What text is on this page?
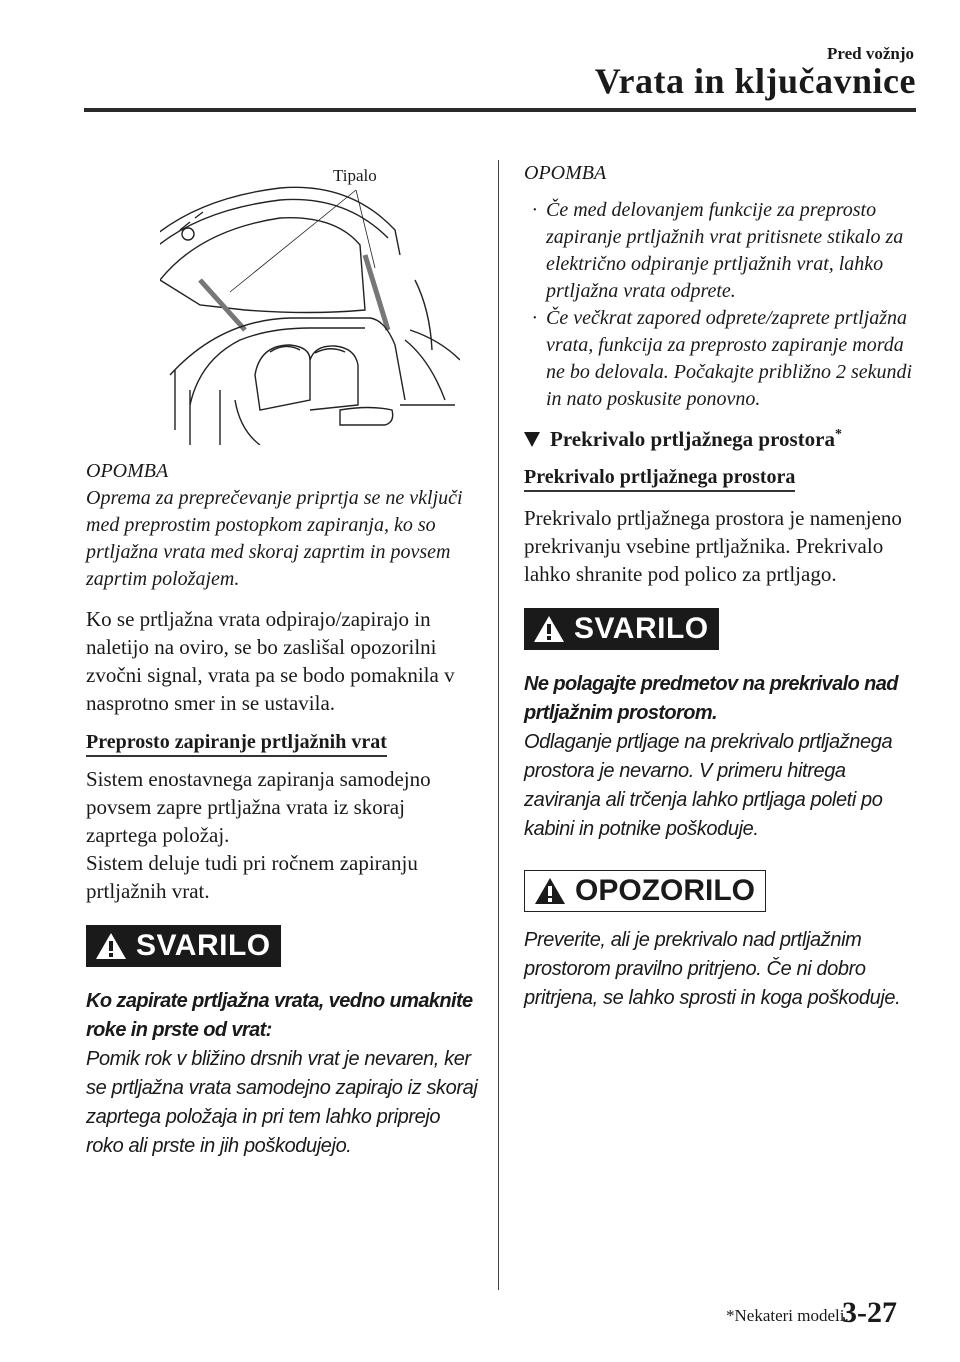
Pred vožnjo
Vrata in ključavnice
Tipalo
OPOMBA
Oprema za preprečevanje priprtja se ne vključi med preprostim postopkom zapiranja, ko so prtljažna vrata med skoraj zaprtim in povsem zaprtim položajem.
Ko se prtljažna vrata odpirajo/zapirajo in naletijo na oviro, se bo zaslišal opozorilni zvočni signal, vrata pa se bodo pomaknila v nasprotno smer in se ustavila.
Preprosto zapiranje prtljažnih vrat
Sistem enostavnega zapiranja samodejno povsem zapre prtljažna vrata iz skoraj zaprtega položaj.
Sistem deluje tudi pri ročnem zapiranju prtljažnih vrat.
SVARILO
Ko zapirate prtljažna vrata, vedno umaknite roke in prste od vrat:
Pomik rok v bližino drsnih vrat je nevaren, ker se prtljažna vrata samodejno zapirajo iz skoraj zaprtega položaja in pri tem lahko priprejo roko ali prste in jih poškodujejo.
OPOMBA
· Če med delovanjem funkcije za preprosto zapiranje prtljažnih vrat pritisnete stikalo za električno odpiranje prtljažnih vrat, lahko prtljažna vrata odprete.
· Če večkrat zapored odprete/zaprete prtljažna vrata, funkcija za preprosto zapiranje morda ne bo delovala. Počakajte približno 2 sekundi in nato poskusite ponovno.
Prekrivalo prtljažnega prostora*
Prekrivalo prtljažnega prostora
Prekrivalo prtljažnega prostora je namenjeno prekrivanju vsebine prtljažnika. Prekrivalo lahko shranite pod polico za prtljago.
SVARILO
Ne polagajte predmetov na prekrivalo nad prtljažnim prostorom.
Odlaganje prtljage na prekrivalo prtljažnega prostora je nevarno. V primeru hitrega zaviranja ali trčenja lahko prtljaga poleti po kabini in potnike poškoduje.
OPOZORILO
Preverite, ali je prekrivalo nad prtljažnim prostorom pravilno pritrjeno. Če ni dobro pritrjena, se lahko sprosti in koga poškoduje.
*Nekateri modeli.
3-27
